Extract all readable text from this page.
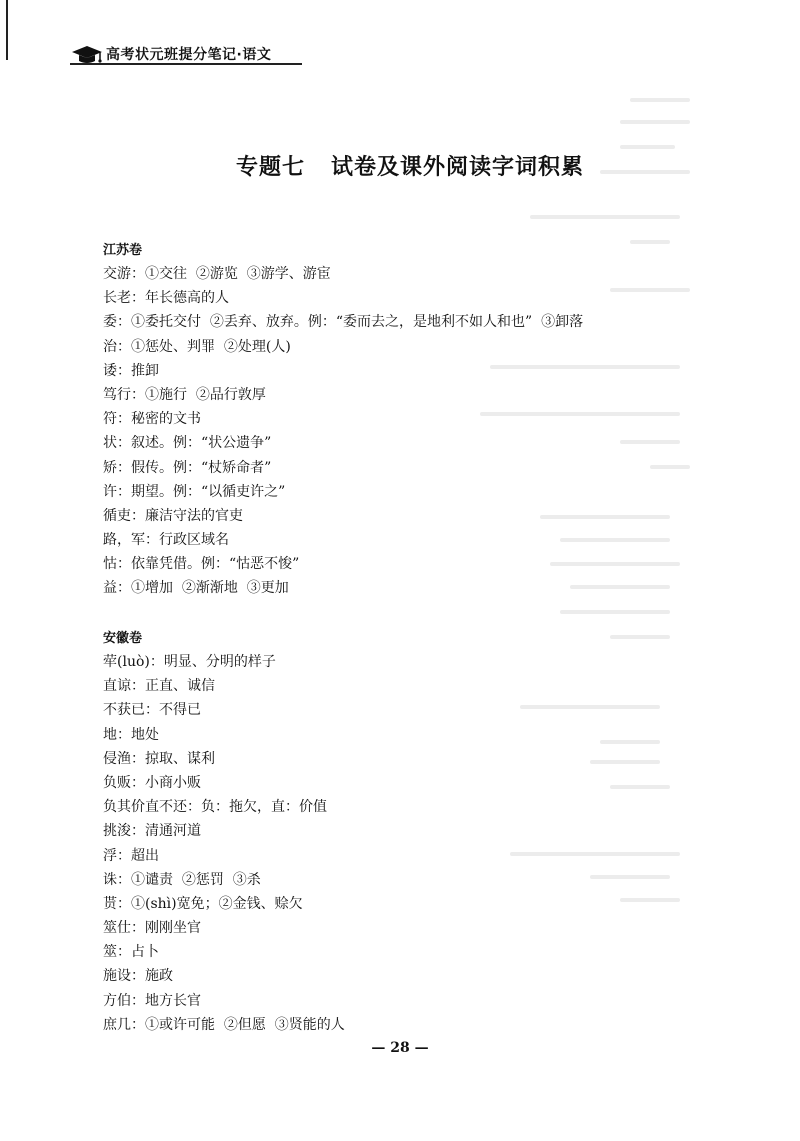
高考状元班提分笔记·语文
专题七   试卷及课外阅读字词积累
江苏卷
交游：①交往  ②游览  ③游学、游宦
长老：年长德高的人
委：①委托交付  ②丢弃、放弃。例：“委而去之，是地利不如人和也”  ③卸落
治：①惩处、判罪  ②处理(人)
诿：推卸
笃行：①施行  ②品行敦厚
符：秘密的文书
状：叙述。例：“状公遗争”
矫：假传。例：“杖矫命者”
许：期望。例：“以循吏许之”
循吏：廉洁守法的官吏
路，军：行政区域名
怙：依靠凭借。例：“怙恶不悛”
益：①增加  ②渐渐地  ③更加
安徽卷
荦(luò)：明显、分明的样子
直谅：正直、诚信
不获已：不得已
地：地处
侵渔：掠取、谋利
负贩：小商小贩
负其价直不还：负：拖欠，直：价值
挑浚：清通河道
浮：超出
诛：①谴责  ②惩罚  ③杀
贳：①(shì)宽免；②金钱、赊欠
筮仕：刚刚坐官
筮：占卜
施设：施政
方伯：地方长官
庶几：①或许可能  ②但愿  ③贤能的人
— 28 —
